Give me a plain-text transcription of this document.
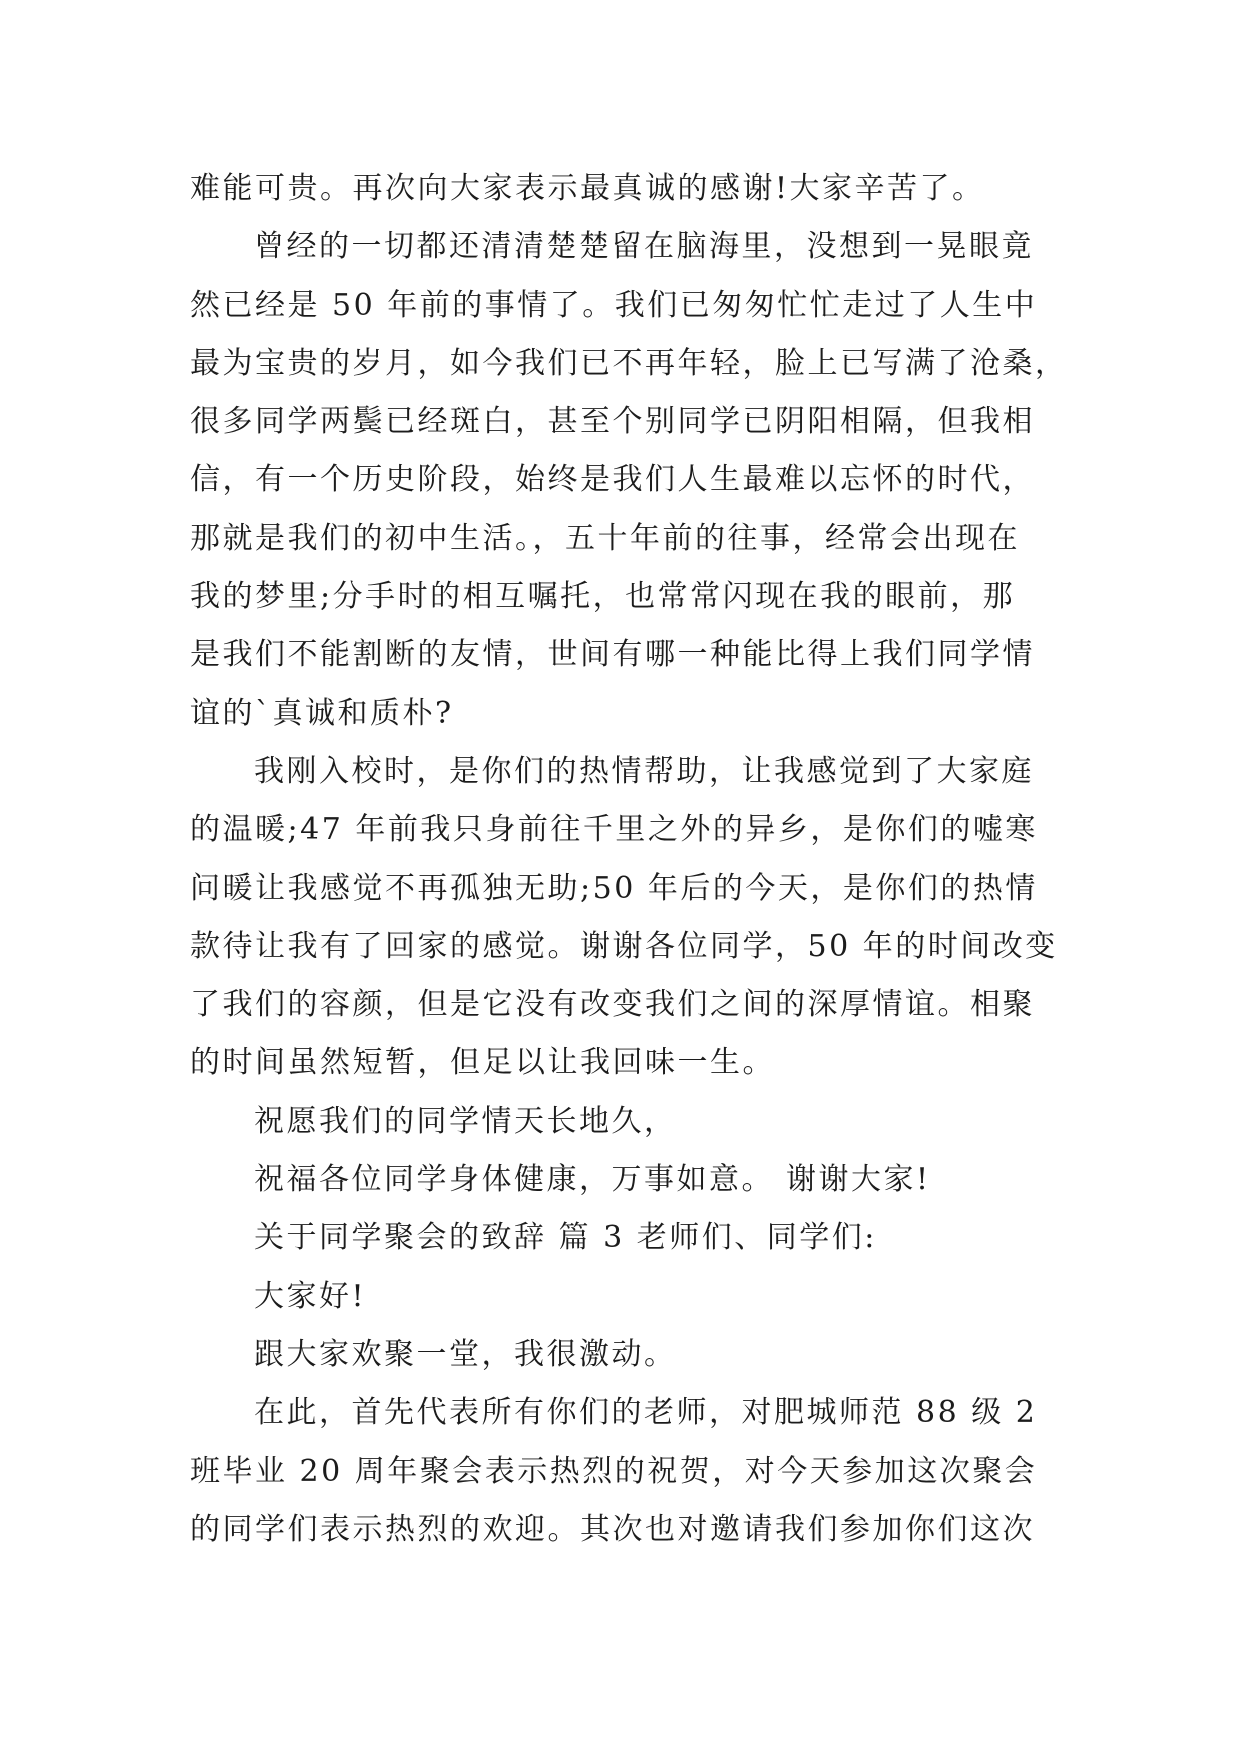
难能可贵。再次向大家表示最真诚的感谢!大家辛苦了。
曾经的一切都还清清楚楚留在脑海里，没想到一晃眼竟
然已经是 50 年前的事情了。我们已匆匆忙忙走过了人生中
最为宝贵的岁月，如今我们已不再年轻，脸上已写满了沧桑，
很多同学两鬓已经斑白，甚至个别同学已阴阳相隔，但我相
信，有一个历史阶段，始终是我们人生最难以忘怀的时代，
那就是我们的初中生活。，五十年前的往事，经常会出现在
我的梦里;分手时的相互嘱托，也常常闪现在我的眼前，那
是我们不能割断的友情，世间有哪一种能比得上我们同学情
谊的`真诚和质朴?
我刚入校时，是你们的热情帮助，让我感觉到了大家庭
的温暖;47 年前我只身前往千里之外的异乡，是你们的嘘寒
问暖让我感觉不再孤独无助;50 年后的今天，是你们的热情
款待让我有了回家的感觉。谢谢各位同学，50 年的时间改变
了我们的容颜，但是它没有改变我们之间的深厚情谊。相聚
的时间虽然短暂，但足以让我回味一生。
祝愿我们的同学情天长地久，
祝福各位同学身体健康，万事如意。 谢谢大家!
关于同学聚会的致辞 篇 3 老师们、同学们:
大家好!
跟大家欢聚一堂，我很激动。
在此，首先代表所有你们的老师，对肥城师范 88 级 2
班毕业 20 周年聚会表示热烈的祝贺，对今天参加这次聚会
的同学们表示热烈的欢迎。其次也对邀请我们参加你们这次
